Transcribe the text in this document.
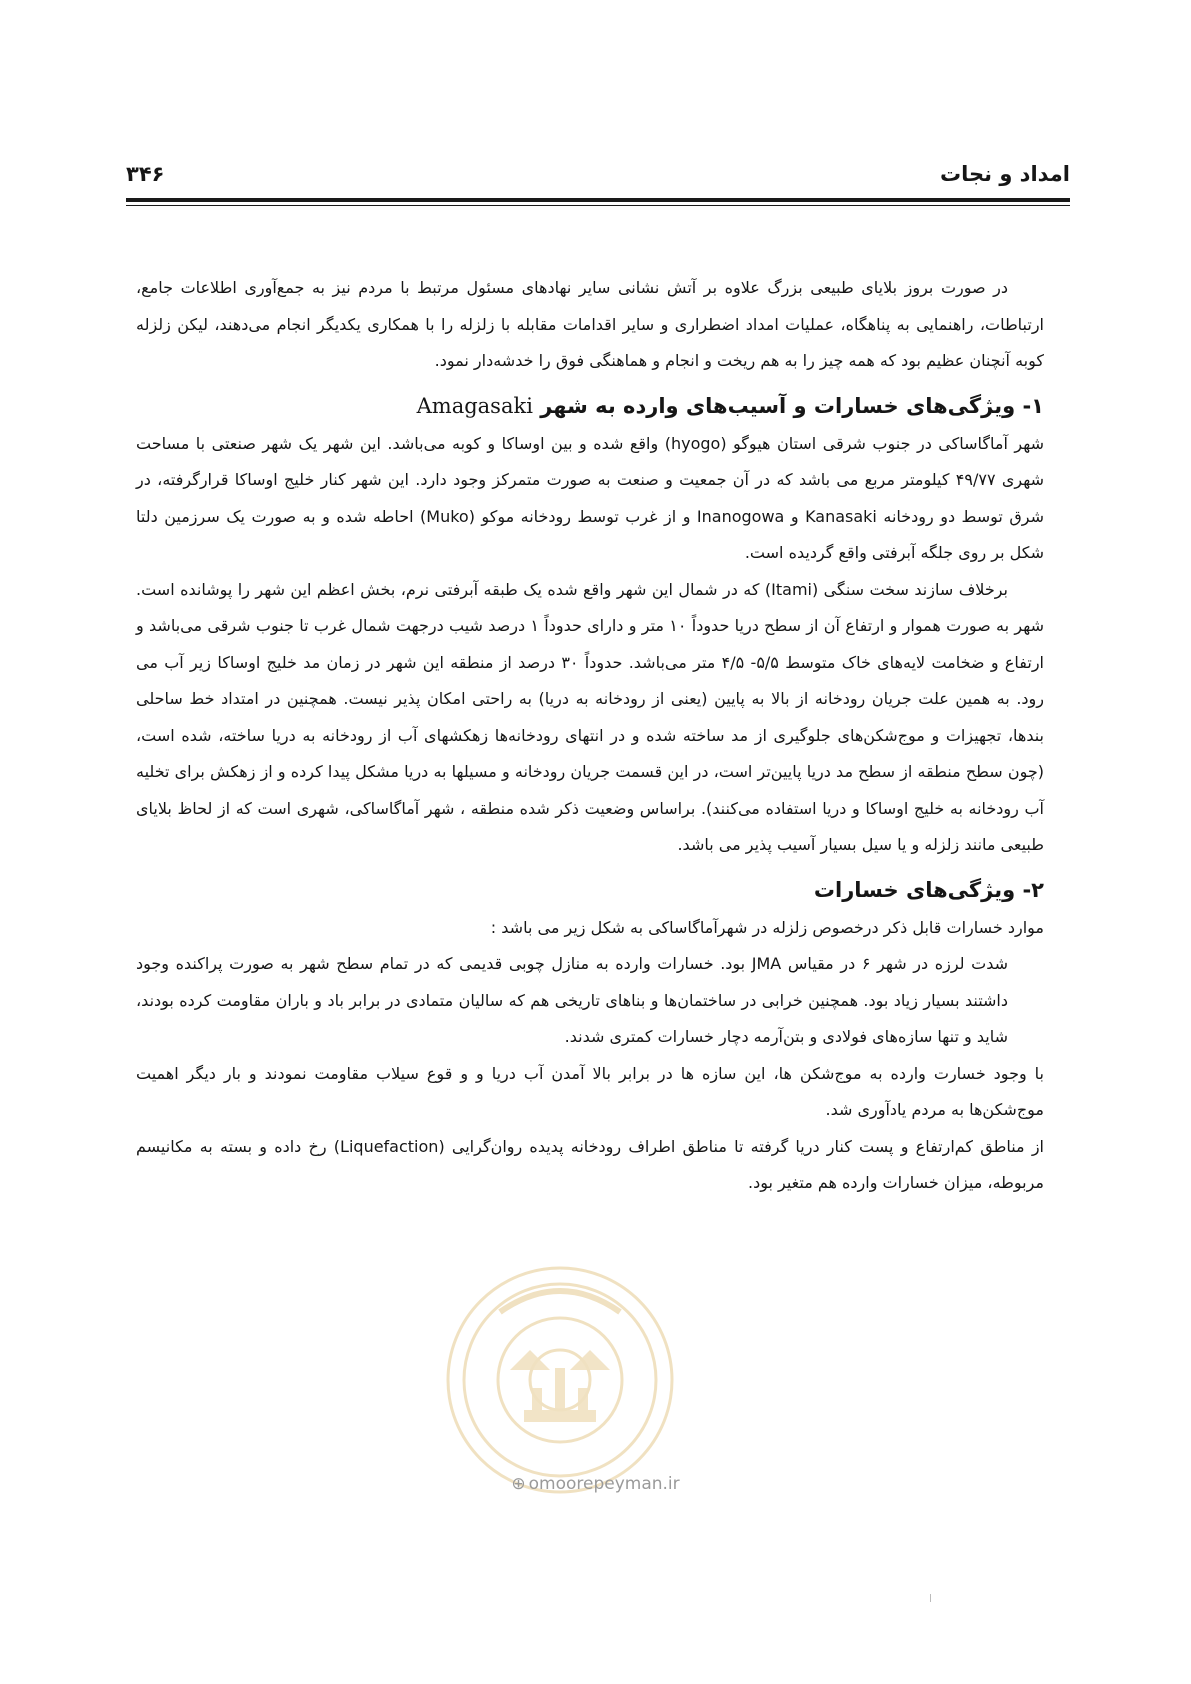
امداد و نجات
۳۴۶

در صورت بروز بلایای طبیعی بزرگ علاوه بر آتش نشانی سایر نهادهای مسئول مرتبط با مردم نیز به جمع‌آوری اطلاعات جامع، ارتباطات، راهنمایی به پناهگاه، عملیات امداد اضطراری و سایر اقدامات مقابله با زلزله را با همکاری یکدیگر انجام می‌دهند، لیکن زلزله کوبه آنچنان عظیم بود که همه چیز را به هم ریخت و انجام و هماهنگی فوق را خدشه‌دار نمود.

۱- ویژگی‌های خسارات و آسیب‌های وارده به شهر Amagasaki

شهر آماگاساکی در جنوب شرقی استان هیوگو (hyogo) واقع شده و بین اوساکا و کوبه می‌باشد. این شهر یک شهر صنعتی با مساحت شهری ۴۹/۷۷ کیلومتر مربع می باشد که در آن جمعیت و صنعت به صورت متمرکز وجود دارد. این شهر کنار خلیج اوساکا قرارگرفته، در شرق توسط دو رودخانه Kanasaki و Inanogowa و از غرب توسط رودخانه موکو (Muko) احاطه شده و به صورت یک سرزمین دلتا شکل بر روی جلگه آبرفتی واقع گردیده است.

برخلاف سازند سخت سنگی (Itami) که در شمال این شهر واقع شده یک طبقه آبرفتی نرم، بخش اعظم این شهر را پوشانده است. شهر به صورت هموار و ارتفاع آن از سطح دریا حدوداً ۱۰ متر و دارای حدوداً ۱ درصد شیب درجهت شمال غرب تا جنوب شرقی می‌باشد و ارتفاع و ضخامت لایه‌های خاک متوسط ۵/۵- ۴/۵ متر می‌باشد. حدوداً ۳۰ درصد از منطقه این شهر در زمان مد خلیج اوساکا زیر آب می رود. به همین علت جریان رودخانه از بالا به پایین (یعنی از رودخانه به دریا) به راحتی امکان پذیر نیست. همچنین در امتداد خط ساحلی بندها، تجهیزات و موج‌شکن‌های جلوگیری از مد ساخته شده و در انتهای رودخانه‌ها زهکشهای آب از رودخانه به دریا ساخته، شده است، (چون سطح منطقه از سطح مد دریا پایین‌تر است، در این قسمت جریان رودخانه و مسیلها به دریا مشکل پیدا کرده و از زهکش برای تخلیه آب رودخانه به خلیج اوساکا و دریا استفاده می‌کنند). براساس وضعیت ذکر شده منطقه ، شهر آماگاساکی، شهری است که از لحاظ بلایای طبیعی مانند زلزله و یا سیل بسیار آسیب پذیر می باشد.

۲- ویژگی‌های خسارات

موارد خسارات قابل ذکر درخصوص زلزله در شهرآماگاساکی به شکل زیر می باشد :

شدت لرزه در شهر ۶ در مقیاس JMA بود. خسارات وارده به منازل چوبی قدیمی که در تمام سطح شهر به صورت پراکنده وجود داشتند بسیار زیاد بود. همچنین خرابی در ساختمان‌ها و بناهای تاریخی هم که سالیان متمادی در برابر باد و باران مقاومت کرده بودند، شاید و تنها سازه‌های فولادی و بتن‌آرمه دچار خسارات کمتری شدند.

با وجود خسارت وارده به موج‌شکن ها، این سازه ها در برابر بالا آمدن آب دریا و و قوع سیلاب مقاومت نمودند و بار دیگر اهمیت موج‌شکن‌ها به مردم یادآوری شد.

از مناطق کم‌ارتفاع و پست کنار دریا گرفته تا مناطق اطراف رودخانه پدیده روان‌گرایی (Liquefaction) رخ داده و بسته به مکانیسم مربوطه، میزان خسارات وارده هم متغیر بود.

⊕ omoorepeyman.ir
